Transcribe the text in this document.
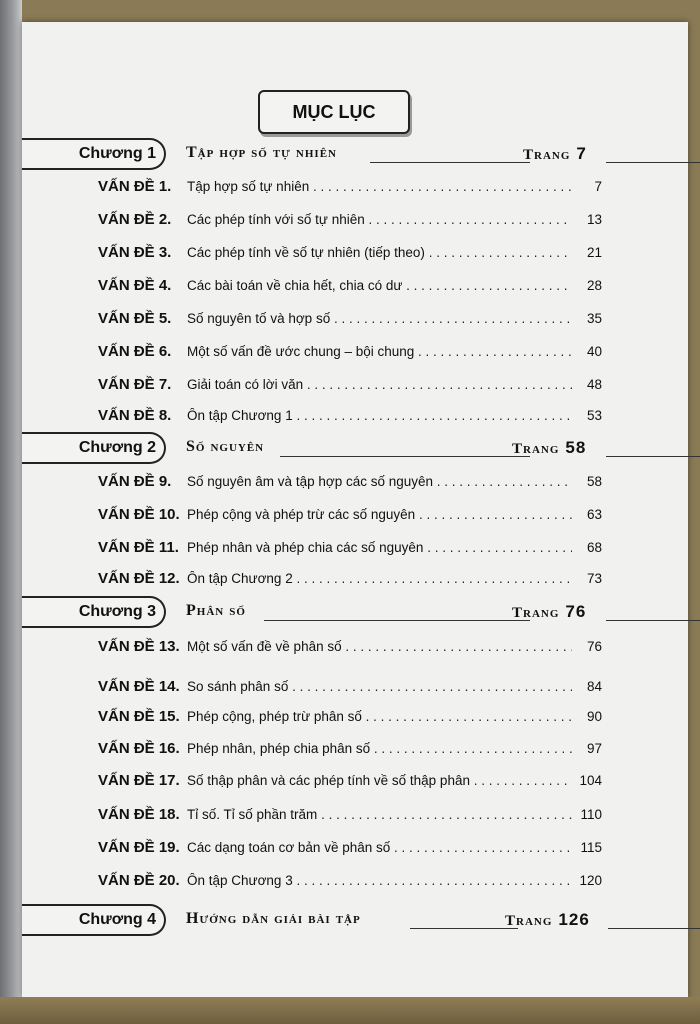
MỤC LỤC
Chương 1	Tập hợp số tự nhiên	Trang 7
VẤN ĐỀ 1.	Tập hợp số tự nhiên . . .	7
VẤN ĐỀ 2.	Các phép tính với số tự nhiên . . .	13
VẤN ĐỀ 3.	Các phép tính về số tự nhiên (tiếp theo) . . .	21
VẤN ĐỀ 4.	Các bài toán về chia hết, chia có dư . . .	28
VẤN ĐỀ 5.	Số nguyên tố và hợp số . . .	35
VẤN ĐỀ 6.	Một số vấn đề ước chung – bội chung . . .	40
VẤN ĐỀ 7.	Giải toán có lời văn . . .	48
VẤN ĐỀ 8.	Ôn tập Chương 1 . . .	53
Chương 2	Số nguyên	Trang 58
VẤN ĐỀ 9.	Số nguyên âm và tập hợp các số nguyên . . .	58
VẤN ĐỀ 10. Phép cộng và phép trừ các số nguyên . . .	63
VẤN ĐỀ 11. Phép nhân và phép chia các số nguyên . . .	68
VẤN ĐỀ 12. Ôn tập Chương 2 . . .	73
Chương 3	Phân số	Trang 76
VẤN ĐỀ 13. Một số vấn đề về phân số . . .	76
VẤN ĐỀ 14. So sánh phân số . . .	84
VẤN ĐỀ 15. Phép cộng, phép trừ phân số . . .	90
VẤN ĐỀ 16. Phép nhân, phép chia phân số . . .	97
VẤN ĐỀ 17. Số thập phân và các phép tính về số thập phân . . .	104
VẤN ĐỀ 18. Tỉ số. Tỉ số phần trăm . . .	110
VẤN ĐỀ 19. Các dạng toán cơ bản về phân số . . .	115
VẤN ĐỀ 20. Ôn tập Chương 3 . . .	120
Chương 4	Hướng dẫn giải bài tập	Trang 126
